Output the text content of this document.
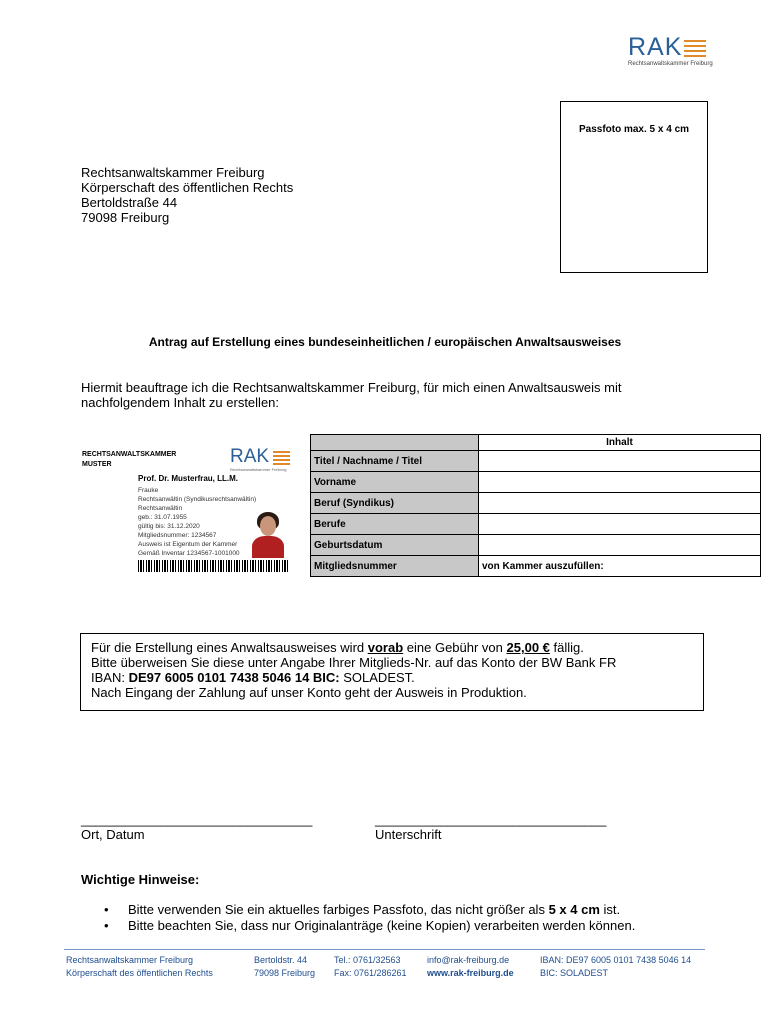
RAK
Rechtsanwaltskammer Freiburg
Passfoto max. 5 x 4 cm
Rechtsanwaltskammer Freiburg
Körperschaft des öffentlichen Rechts
Bertoldstraße 44
79098 Freiburg
Antrag auf Erstellung eines bundeseinheitlichen / europäischen Anwaltsausweises
Hiermit beauftrage ich die Rechtsanwaltskammer Freiburg, für mich einen Anwaltsausweis mit nachfolgendem Inhalt zu erstellen:
RECHTSANWALTSKAMMER
MUSTER	RAK
Rechtsanwaltskammer Freiburg
Prof. Dr. Musterfrau, LL.M.
Frauke
Rechtsanwältin (Syndikusrechtsanwältin)
Rechtsanwältin
geb.: 31.07.1955
gültig bis: 31.12.2020
Mitgliedsnummer: 1234567
Ausweis ist Eigentum der Kammer
Gemäß Inventar 1234567-1001000
	Inhalt
Titel / Nachname / Titel	
Vorname	
Beruf (Syndikus)	
Berufe	
Geburtsdatum	
Mitgliedsnummer	von Kammer auszufüllen:
Für die Erstellung eines Anwaltsausweises wird vorab eine Gebühr von 25,00 € fällig.
Bitte überweisen Sie diese unter Angabe Ihrer Mitglieds-Nr. auf das Konto der BW Bank FR
IBAN: DE97 6005 0101 7438 5046 14 BIC: SOLADEST.
Nach Eingang der Zahlung auf unser Konto geht der Ausweis in Produktion.
________________________________
Ort, Datum
________________________________
Unterschrift
Wichtige Hinweise:
• Bitte verwenden Sie ein aktuelles farbiges Passfoto, das nicht größer als 5 x 4 cm ist.
• Bitte beachten Sie, dass nur Originalanträge (keine Kopien) verarbeiten werden können.
Rechtsanwaltskammer Freiburg
Körperschaft des öffentlichen Rechts
Bertoldstr. 44
79098 Freiburg
Tel.: 0761/32563
Fax: 0761/286261
info@rak-freiburg.de
www.rak-freiburg.de
IBAN: DE97 6005 0101 7438 5046 14
BIC: SOLADEST
